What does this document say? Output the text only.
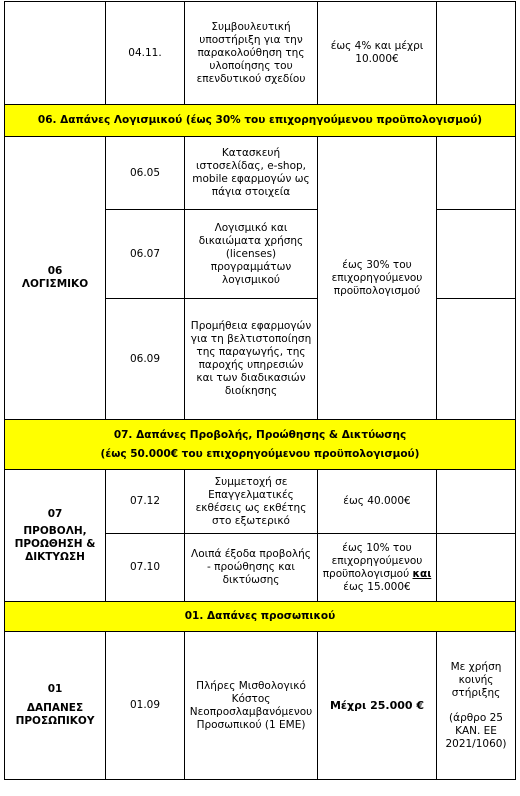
	04.11.	Συμβουλευτική υποστήριξη για την παρακολούθηση της υλοποίησης του επενδυτικού σχεδίου	έως 4% και μέχρι 10.000€	
06. Δαπάνες Λογισμικού (έως 30% του επιχορηγούμενου προϋπολογισμού)				

06
ΛΟΓΙΣΜΙΚΟ	06.05	Κατασκευή ιστοσελίδας, e-shop, mobile εφαρμογών ως πάγια στοιχεία	έως 30% του επιχορηγούμενου προϋπολογισμού	
	06.07	Λογισμικό και δικαιώματα χρήσης (licenses) προγραμμάτων λογισμικού		
	06.09	Προμήθεια εφαρμογών για τη βελτιστοποίηση της παραγωγής, της παροχής υπηρεσιών και των διαδικασιών διοίκησης		

07. Δαπάνες Προβολής, Προώθησης & Δικτύωσης
(έως 50.000€ του επιχορηγούμενου προϋπολογισμού)				

07
ΠΡΟΒΟΛΗ, ΠΡΟΩΘΗΣΗ & ΔΙΚΤΥΩΣΗ	07.12	Συμμετοχή σε Επαγγελματικές εκθέσεις ως εκθέτης στο εξωτερικό	έως 40.000€	
	07.10	Λοιπά έξοδα προβολής - προώθησης και δικτύωσης	έως 10% του επιχορηγούμενου προϋπολογισμού και έως 15.000€	
01. Δαπάνες προσωπικού				

01
ΔΑΠΑΝΕΣ ΠΡΟΣΩΠΙΚΟΥ	01.09	Πλήρες Μισθολογικό Κόστος Νεοπροσλαμβανόμενου Προσωπικού (1 ΕΜΕ)	Μέχρι 25.000 €	Με χρήση κοινής στήριξης
(άρθρο 25 ΚΑΝ. ΕΕ 2021/1060)
